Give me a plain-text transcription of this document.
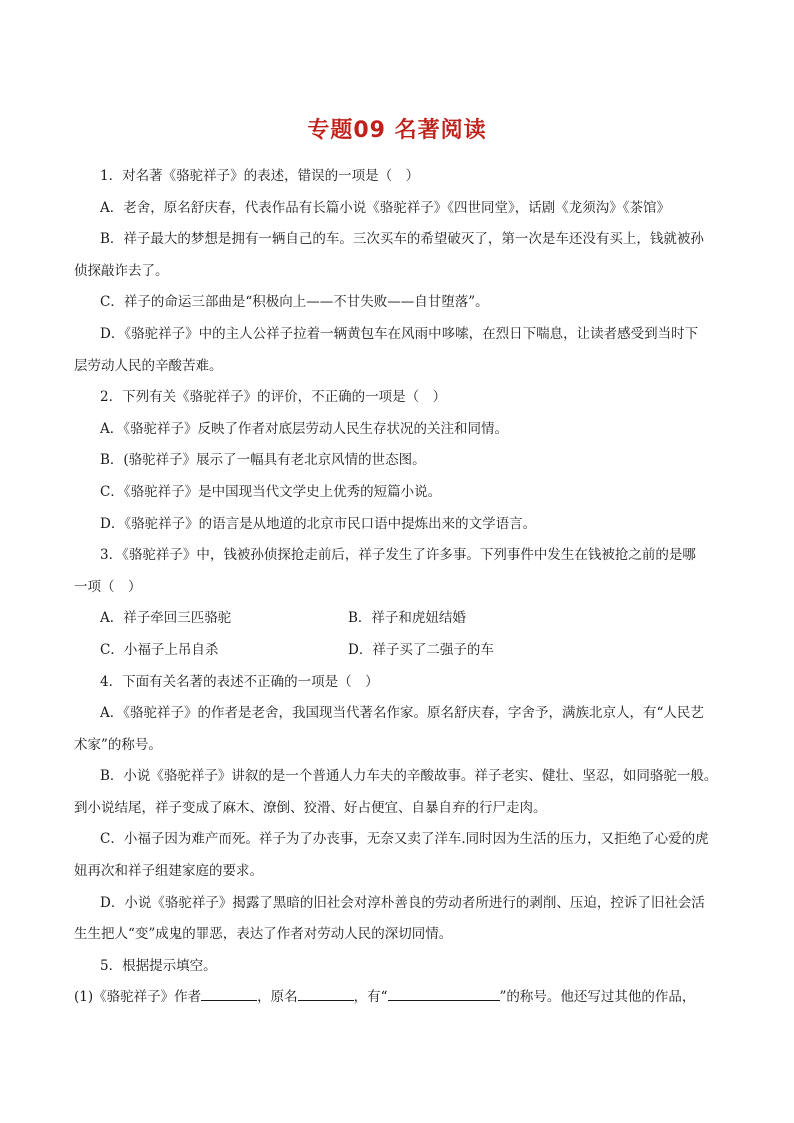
专题09 名著阅读
1．对名著《骆驼祥子》的表述，错误的一项是（　）
A．老舍，原名舒庆春，代表作品有长篇小说《骆驼祥子》《四世同堂》，话剧《龙须沟》《茶馆》
B．祥子最大的梦想是拥有一辆自己的车。三次买车的希望破灭了，第一次是车还没有买上，钱就被孙
侦探敲诈去了。
C．祥子的命运三部曲是“积极向上——不甘失败——自甘堕落”。
D．《骆驼祥子》中的主人公祥子拉着一辆黄包车在风雨中哆嗦，在烈日下喘息，让读者感受到当时下
层劳动人民的辛酸苦难。
2．下列有关《骆驼祥子》的评价，不正确的一项是（　）
A．《骆驼祥子》反映了作者对底层劳动人民生存状况的关注和同情。
B．(骆驼祥子》展示了一幅具有老北京风情的世态图。
C．《骆驼祥子》是中国现当代文学史上优秀的短篇小说。
D．《骆驼祥子》的语言是从地道的北京市民口语中提炼出来的文学语言。
3．《骆驼祥子》中，钱被孙侦探抢走前后，祥子发生了许多事。下列事件中发生在钱被抢之前的是哪
一项（　）
A．祥子牵回三匹骆驼	B．祥子和虎妞结婚
C．小福子上吊自杀	D．祥子买了二强子的车
4．下面有关名著的表述不正确的一项是（　）
A．《骆驼祥子》的作者是老舍，我国现当代著名作家。原名舒庆春，字舍予，满族北京人，有“人民艺
术家”的称号。
B．小说《骆驼祥子》讲叙的是一个普通人力车夫的辛酸故事。祥子老实、健壮、坚忍，如同骆驼一般。
到小说结尾，祥子变成了麻木、潦倒、狡滑、好占便宜、自暴自弃的行尸走肉。
C．小福子因为难产而死。祥子为了办丧事，无奈又卖了洋车.同时因为生活的压力，又拒绝了心爱的虎
妞再次和祥子组建家庭的要求。
D．小说《骆驼祥子》揭露了黑暗的旧社会对淳朴善良的劳动者所进行的剥削、压迫，控诉了旧社会活
生生把人“变”成鬼的罪恶，表达了作者对劳动人民的深切同情。
5．根据提示填空。
(1)《骆驼祥子》作者	，原名	，有“	”的称号。他还写过其他的作品，
